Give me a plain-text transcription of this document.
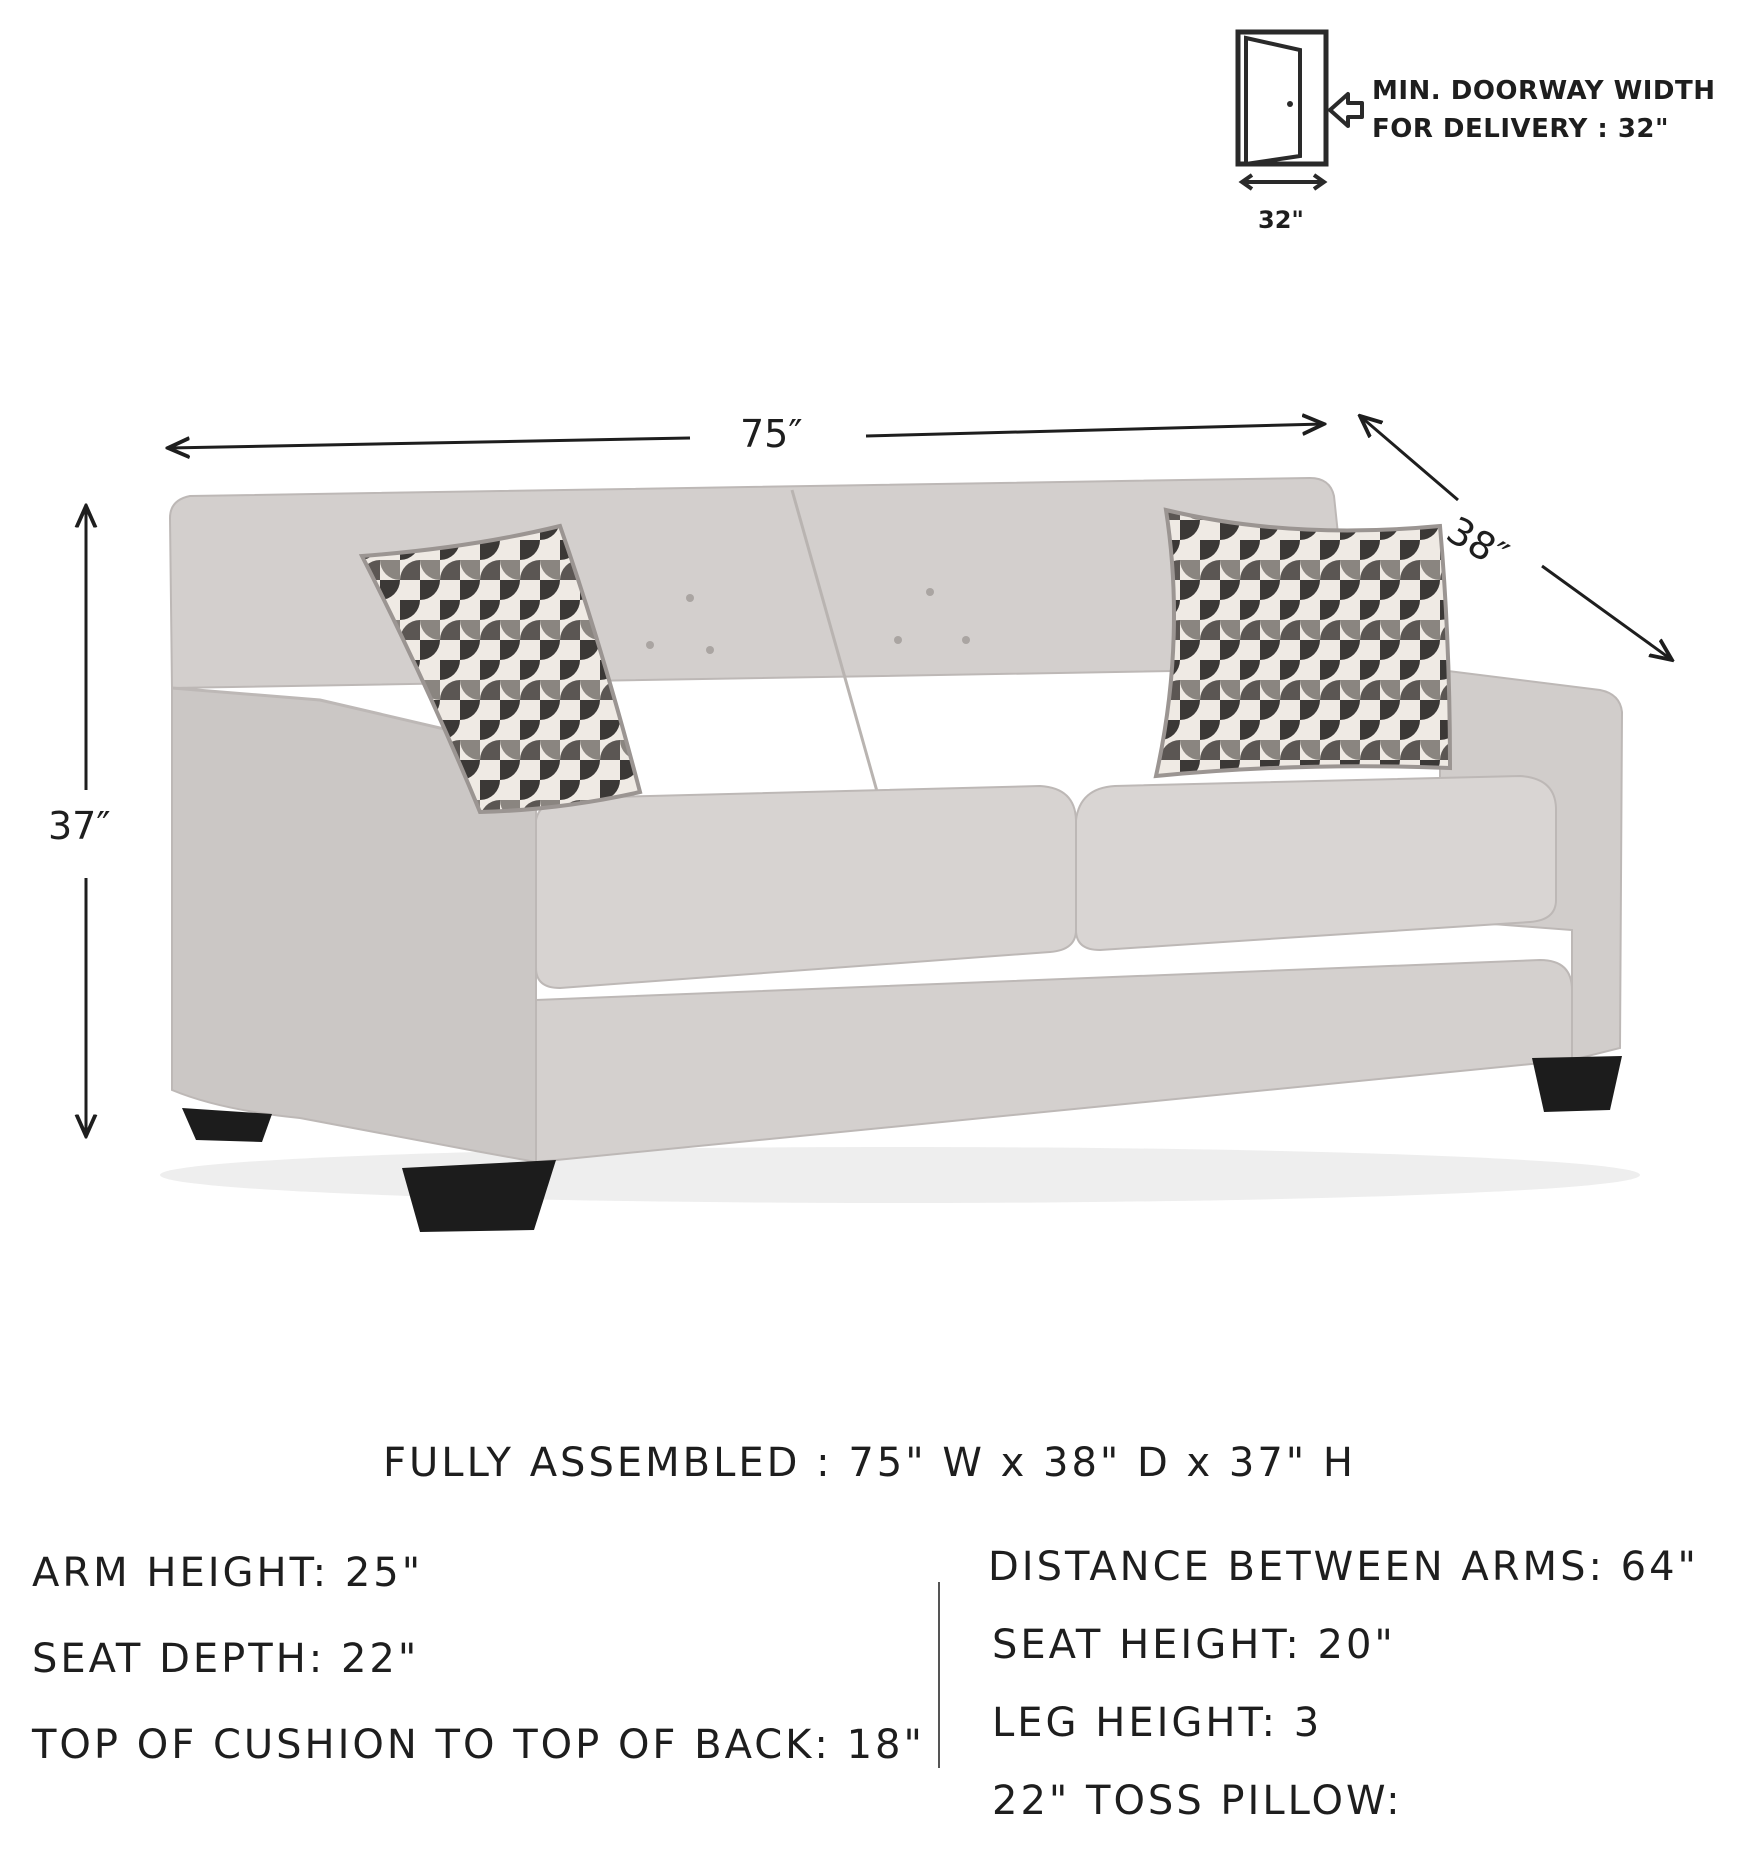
MIN. DOORWAY WIDTH
FOR DELIVERY : 32"
32"
75″
38″
37″
FULLY ASSEMBLED : 75" W x 38" D x 37" H
ARM HEIGHT: 25"
SEAT DEPTH: 22"
TOP OF CUSHION TO TOP OF BACK: 18"
DISTANCE BETWEEN ARMS: 64"
SEAT HEIGHT: 20"
LEG HEIGHT: 3
22" TOSS PILLOW:
